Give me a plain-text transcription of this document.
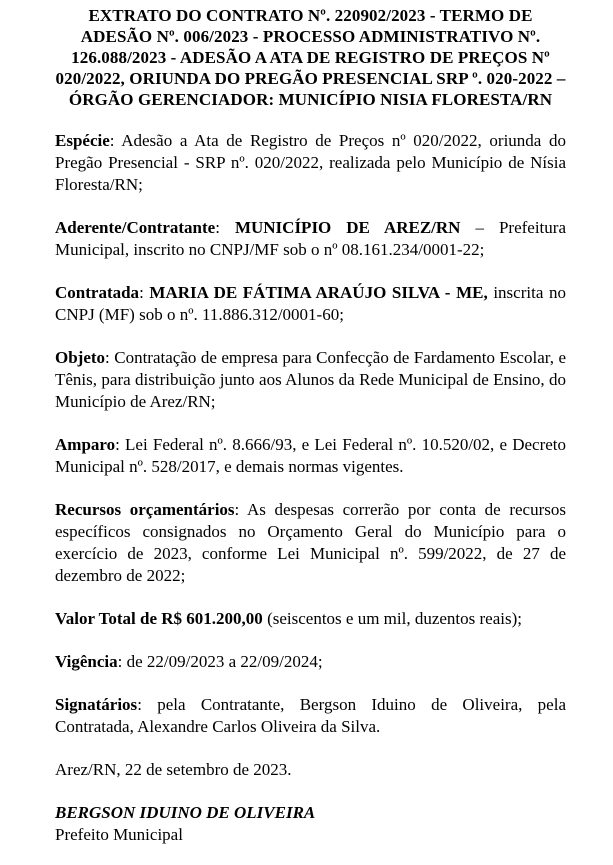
EXTRATO DO CONTRATO Nº. 220902/2023 - TERMO DE ADESÃO Nº. 006/2023 - PROCESSO ADMINISTRATIVO Nº. 126.088/2023 - ADESÃO A ATA DE REGISTRO DE PREÇOS Nº 020/2022, ORIUNDA DO PREGÃO PRESENCIAL SRP º. 020-2022 – ÓRGÃO GERENCIADOR: MUNICÍPIO NISIA FLORESTA/RN

Espécie: Adesão a Ata de Registro de Preços nº 020/2022, oriunda do Pregão Presencial - SRP nº. 020/2022, realizada pelo Município de Nísia Floresta/RN;

Aderente/Contratante: MUNICÍPIO DE AREZ/RN – Prefeitura Municipal, inscrito no CNPJ/MF sob o nº 08.161.234/0001-22;

Contratada: MARIA DE FÁTIMA ARAÚJO SILVA - ME, inscrita no CNPJ (MF) sob o nº. 11.886.312/0001-60;

Objeto: Contratação de empresa para Confecção de Fardamento Escolar, e Tênis, para distribuição junto aos Alunos da Rede Municipal de Ensino, do Município de Arez/RN;

Amparo: Lei Federal nº. 8.666/93, e Lei Federal nº. 10.520/02, e Decreto Municipal nº. 528/2017, e demais normas vigentes.

Recursos orçamentários: As despesas correrão por conta de recursos específicos consignados no Orçamento Geral do Município para o exercício de 2023, conforme Lei Municipal nº. 599/2022, de 27 de dezembro de 2022;

Valor Total de R$ 601.200,00 (seiscentos e um mil, duzentos reais);

Vigência: de 22/09/2023 a 22/09/2024;

Signatários: pela Contratante, Bergson Iduino de Oliveira, pela Contratada, Alexandre Carlos Oliveira da Silva.

Arez/RN, 22 de setembro de 2023.

BERGSON IDUINO DE OLIVEIRA

Prefeito Municipal
